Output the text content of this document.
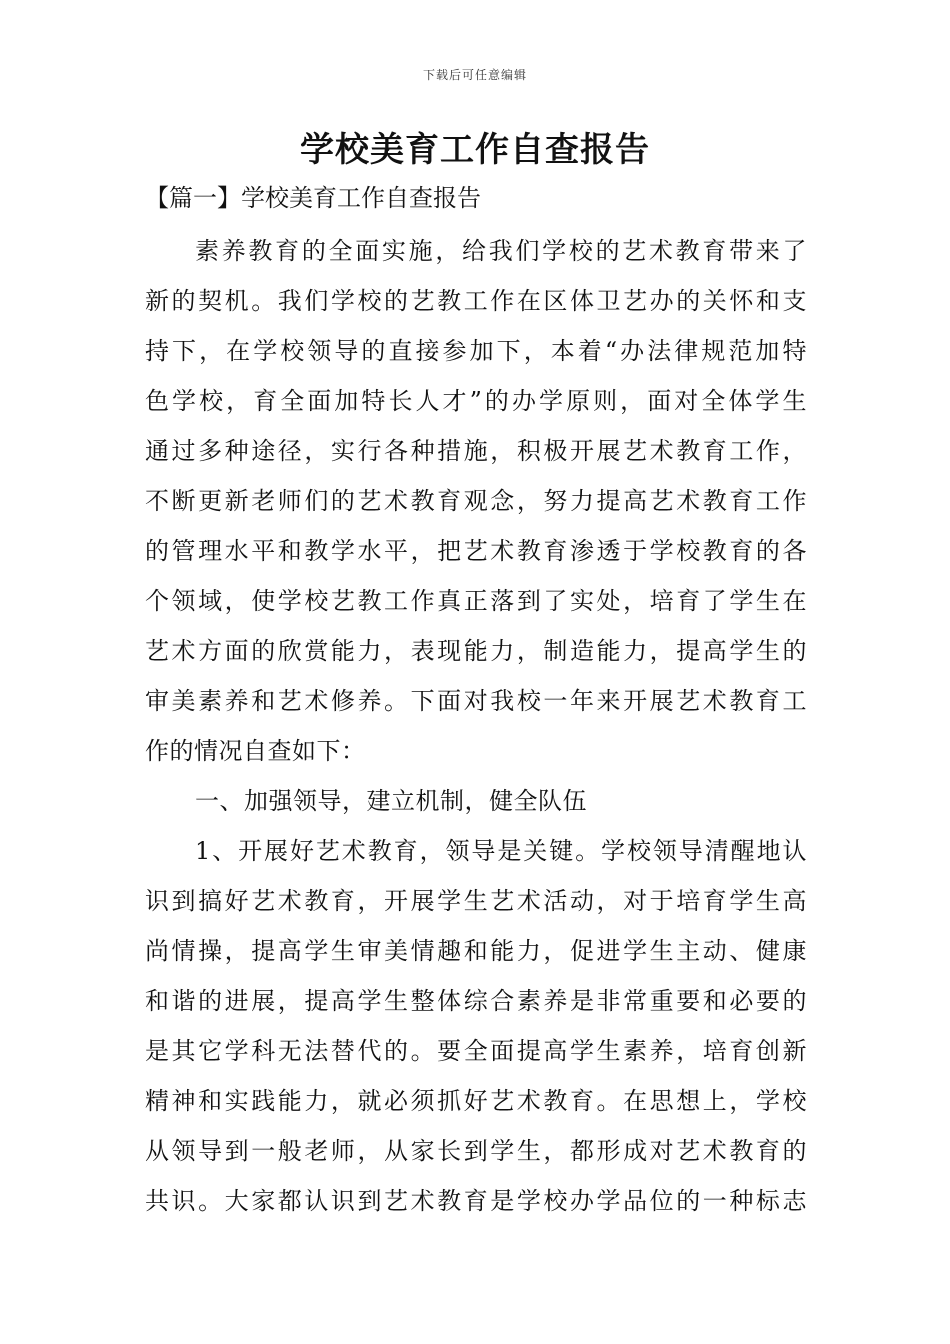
下载后可任意编辑
学校美育工作自查报告
【篇一】学校美育工作自查报告
素养教育的全面实施，给我们学校的艺术教育带来了
新的契机。我们学校的艺教工作在区体卫艺办的关怀和支
持下，在学校领导的直接参加下，本着“办法律规范加特
色学校，育全面加特长人才”的办学原则，面对全体学生
通过多种途径，实行各种措施，积极开展艺术教育工作，
不断更新老师们的艺术教育观念，努力提高艺术教育工作
的管理水平和教学水平，把艺术教育渗透于学校教育的各
个领域，使学校艺教工作真正落到了实处，培育了学生在
艺术方面的欣赏能力，表现能力，制造能力，提高学生的
审美素养和艺术修养。下面对我校一年来开展艺术教育工
作的情况自查如下：
一、加强领导，建立机制，健全队伍
1、开展好艺术教育，领导是关键。学校领导清醒地认
识到搞好艺术教育，开展学生艺术活动，对于培育学生高
尚情操，提高学生审美情趣和能力，促进学生主动、健康
和谐的进展，提高学生整体综合素养是非常重要和必要的
是其它学科无法替代的。要全面提高学生素养，培育创新
精神和实践能力，就必须抓好艺术教育。在思想上，学校
从领导到一般老师，从家长到学生，都形成对艺术教育的
共识。大家都认识到艺术教育是学校办学品位的一种标志
